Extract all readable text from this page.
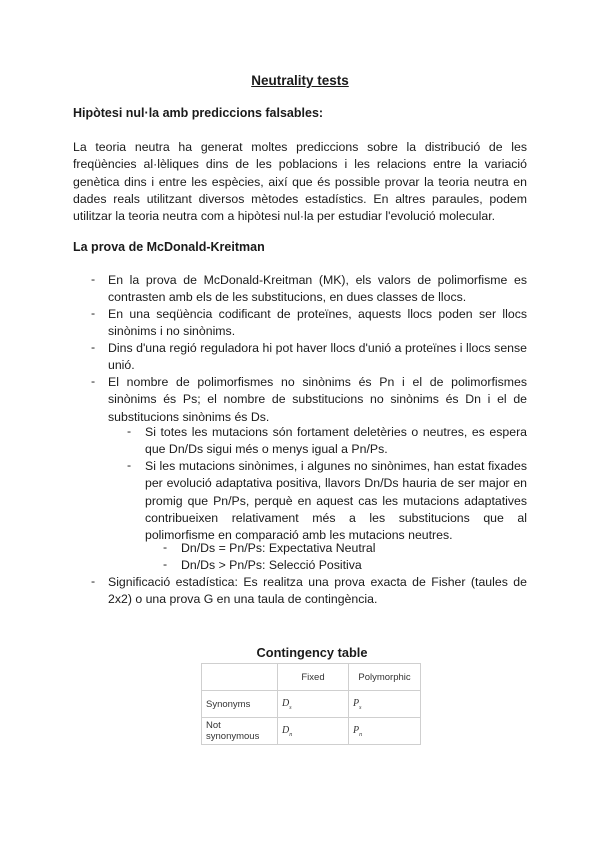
Neutrality tests
Hipòtesi nul·la amb prediccions falsables:
La teoria neutra ha generat moltes prediccions sobre la distribució de les freqüències al·lèliques dins de les poblacions i les relacions entre la variació genètica dins i entre les espècies, així que és possible provar la teoria neutra en dades reals utilitzant diversos mètodes estadístics. En altres paraules, podem utilitzar la teoria neutra com a hipòtesi nul·la per estudiar l'evolució molecular.
La prova de McDonald-Kreitman
- En la prova de McDonald-Kreitman (MK), els valors de polimorfisme es contrasten amb els de les substitucions, en dues classes de llocs.
- En una seqüència codificant de proteïnes, aquests llocs poden ser llocs sinònims i no sinònims.
- Dins d'una regió reguladora hi pot haver llocs d'unió a proteïnes i llocs sense unió.
- El nombre de polimorfismes no sinònims és Pn i el de polimorfismes sinònims és Ps; el nombre de substitucions no sinònims és Dn i el de substitucions sinònims és Ds.
- Si totes les mutacions són fortament deletèries o neutres, es espera que Dn/Ds sigui més o menys igual a Pn/Ps.
- Si les mutacions sinònimes, i algunes no sinònimes, han estat fixades per evolució adaptativa positiva, llavors Dn/Ds hauria de ser major en promig que Pn/Ps, perquè en aquest cas les mutacions adaptatives contribueixen relativament més a les substitucions que al polimorfisme en comparació amb les mutacions neutres.
- Dn/Ds = Pn/Ps: Expectativa Neutral
- Dn/Ds > Pn/Ps: Selecció Positiva
- Significació estadística: Es realitza una prova exacta de Fisher (taules de 2x2) o una prova G en una taula de contingència.
Contingency table
	Fixed	Polymorphic
Synonyms	$D_s$	$P_s$
Not
synonymous	$D_n$	$P_n$
